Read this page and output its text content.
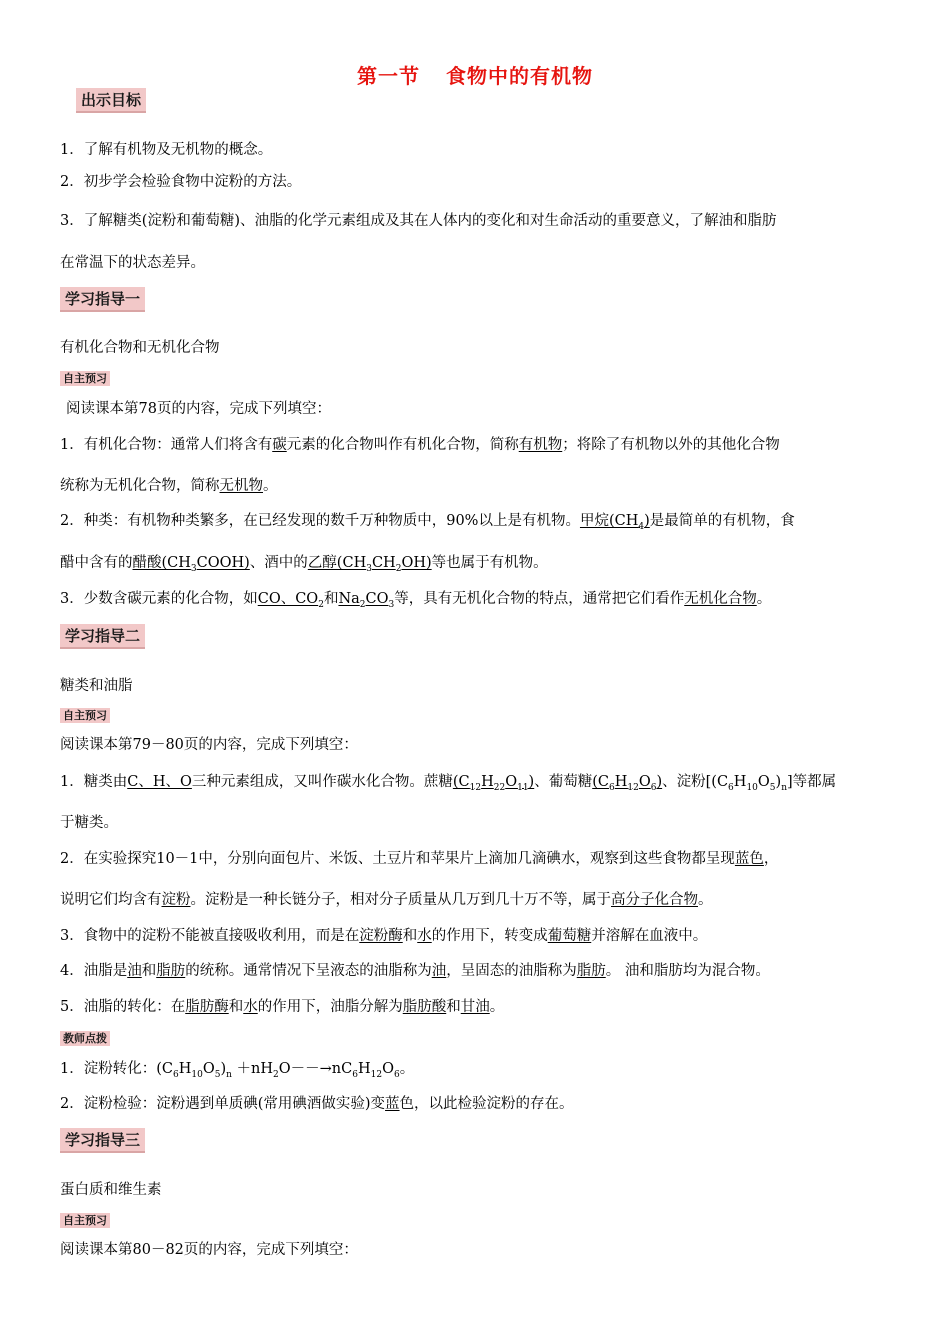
第一节 食物中的有机物
出示目标
1．了解有机物及无机物的概念。
2．初步学会检验食物中淀粉的方法。
3．了解糖类(淀粉和葡萄糖)、油脂的化学元素组成及其在人体内的变化和对生命活动的重要意义，了解油和脂肪
在常温下的状态差异。
学习指导一
有机化合物和无机化合物
自主预习
阅读课本第78页的内容，完成下列填空：
1．有机化合物：通常人们将含有碳元素的化合物叫作有机化合物，简称有机物；将除了有机物以外的其他化合物
统称为无机化合物，简称无机物。
2．种类：有机物种类繁多，在已经发现的数千万种物质中，90%以上是有机物。甲烷$(CH_4)$是最简单的有机物，食
醋中含有的醋酸$(CH_3COOH)$、酒中的乙醇$(CH_3CH_2OH)$等也属于有机物。
3．少数含碳元素的化合物，如CO、$CO_2$和$Na_2CO_3$等，具有无机化合物的特点，通常把它们看作无机化合物。
学习指导二
糖类和油脂
自主预习
阅读课本第79－80页的内容，完成下列填空：
1．糖类由C、H、O三种元素组成，又叫作碳水化合物。蔗糖$(C_{12}H_{22}O_{11})$、葡萄糖$(C_6H_{12}O_6)$、淀粉$[(C_6H_{10}O_5)_n]$等都属
于糖类。
2．在实验探究10－1中，分别向面包片、米饭、土豆片和苹果片上滴加几滴碘水，观察到这些食物都呈现蓝色，
说明它们均含有淀粉。淀粉是一种长链分子，相对分子质量从几万到几十万不等，属于高分子化合物。
3．食物中的淀粉不能被直接吸收利用，而是在淀粉酶和水的作用下，转变成葡萄糖并溶解在血液中。
4．油脂是油和脂肪的统称。通常情况下呈液态的油脂称为油，呈固态的油脂称为脂肪。 油和脂肪均为混合物。
5．油脂的转化：在脂肪酶和水的作用下，油脂分解为脂肪酸和甘油。
教师点拨
1．淀粉转化：$(C_6H_{10}O_5)_n +nH_2O--\to nC_6H_{12}O_6$。
2．淀粉检验：淀粉遇到单质碘(常用碘酒做实验)变蓝色，以此检验淀粉的存在。
学习指导三
蛋白质和维生素
自主预习
阅读课本第80－82页的内容，完成下列填空：
